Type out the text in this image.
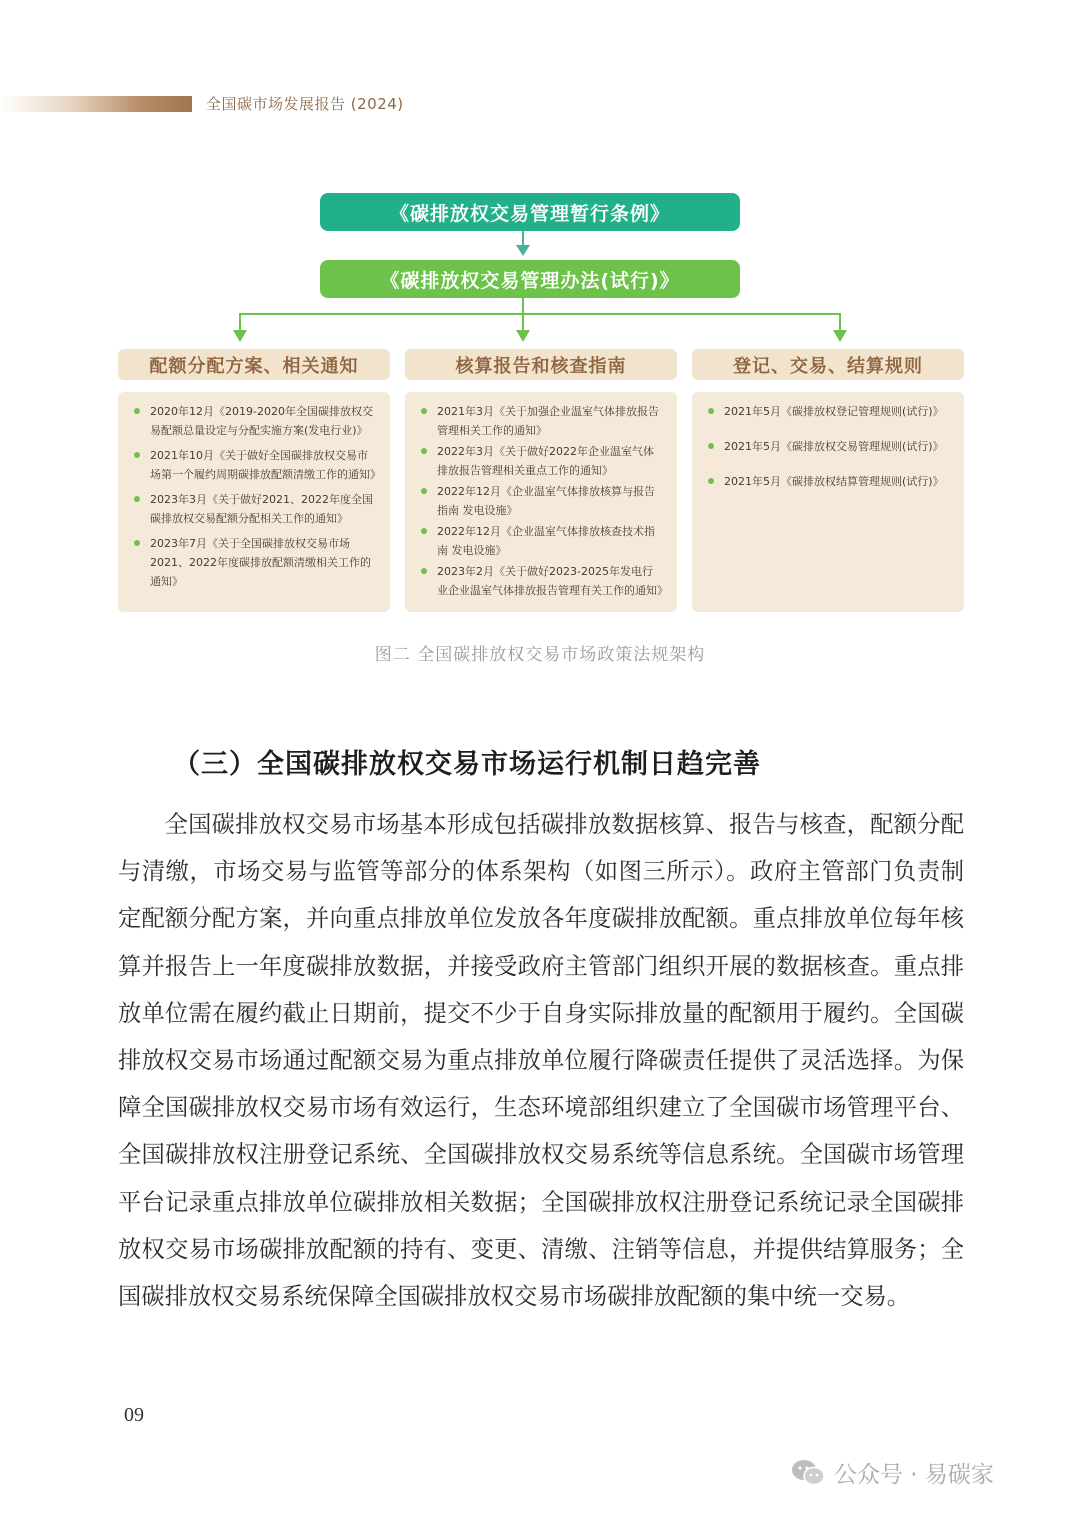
全国碳市场发展报告 (2024)
《碳排放权交易管理暂行条例》
《碳排放权交易管理办法(试行)》
配额分配方案、相关通知	核算报告和核查指南	登记、交易、结算规则
2020年12月《2019-2020年全国碳排放权交易配额总量设定与分配实施方案(发电行业)》
2021年10月《关于做好全国碳排放权交易市场第一个履约周期碳排放配额清缴工作的通知》
2023年3月《关于做好2021、2022年度全国碳排放权交易配额分配相关工作的通知》
2023年7月《关于全国碳排放权交易市场2021、2022年度碳排放配额清缴相关工作的通知》
2021年3月《关于加强企业温室气体排放报告管理相关工作的通知》
2022年3月《关于做好2022年企业温室气体排放报告管理相关重点工作的通知》
2022年12月《企业温室气体排放核算与报告指南 发电设施》
2022年12月《企业温室气体排放核查技术指南 发电设施》
2023年2月《关于做好2023-2025年发电行业企业温室气体排放报告管理有关工作的通知》
2021年5月《碳排放权登记管理规则(试行)》
2021年5月《碳排放权交易管理规则(试行)》
2021年5月《碳排放权结算管理规则(试行)》
图二 全国碳排放权交易市场政策法规架构
（三）全国碳排放权交易市场运行机制日趋完善

全国碳排放权交易市场基本形成包括碳排放数据核算、报告与核查，配额分配与清缴，市场交易与监管等部分的体系架构（如图三所示）。政府主管部门负责制定配额分配方案，并向重点排放单位发放各年度碳排放配额。重点排放单位每年核算并报告上一年度碳排放数据，并接受政府主管部门组织开展的数据核查。重点排放单位需在履约截止日期前，提交不少于自身实际排放量的配额用于履约。全国碳排放权交易市场通过配额交易为重点排放单位履行降碳责任提供了灵活选择。为保障全国碳排放权交易市场有效运行，生态环境部组织建立了全国碳市场管理平台、全国碳排放权注册登记系统、全国碳排放权交易系统等信息系统。全国碳市场管理平台记录重点排放单位碳排放相关数据；全国碳排放权注册登记系统记录全国碳排放权交易市场碳排放配额的持有、变更、清缴、注销等信息，并提供结算服务；全国碳排放权交易系统保障全国碳排放权交易市场碳排放配额的集中统一交易。

09
公众号 · 易碳家
